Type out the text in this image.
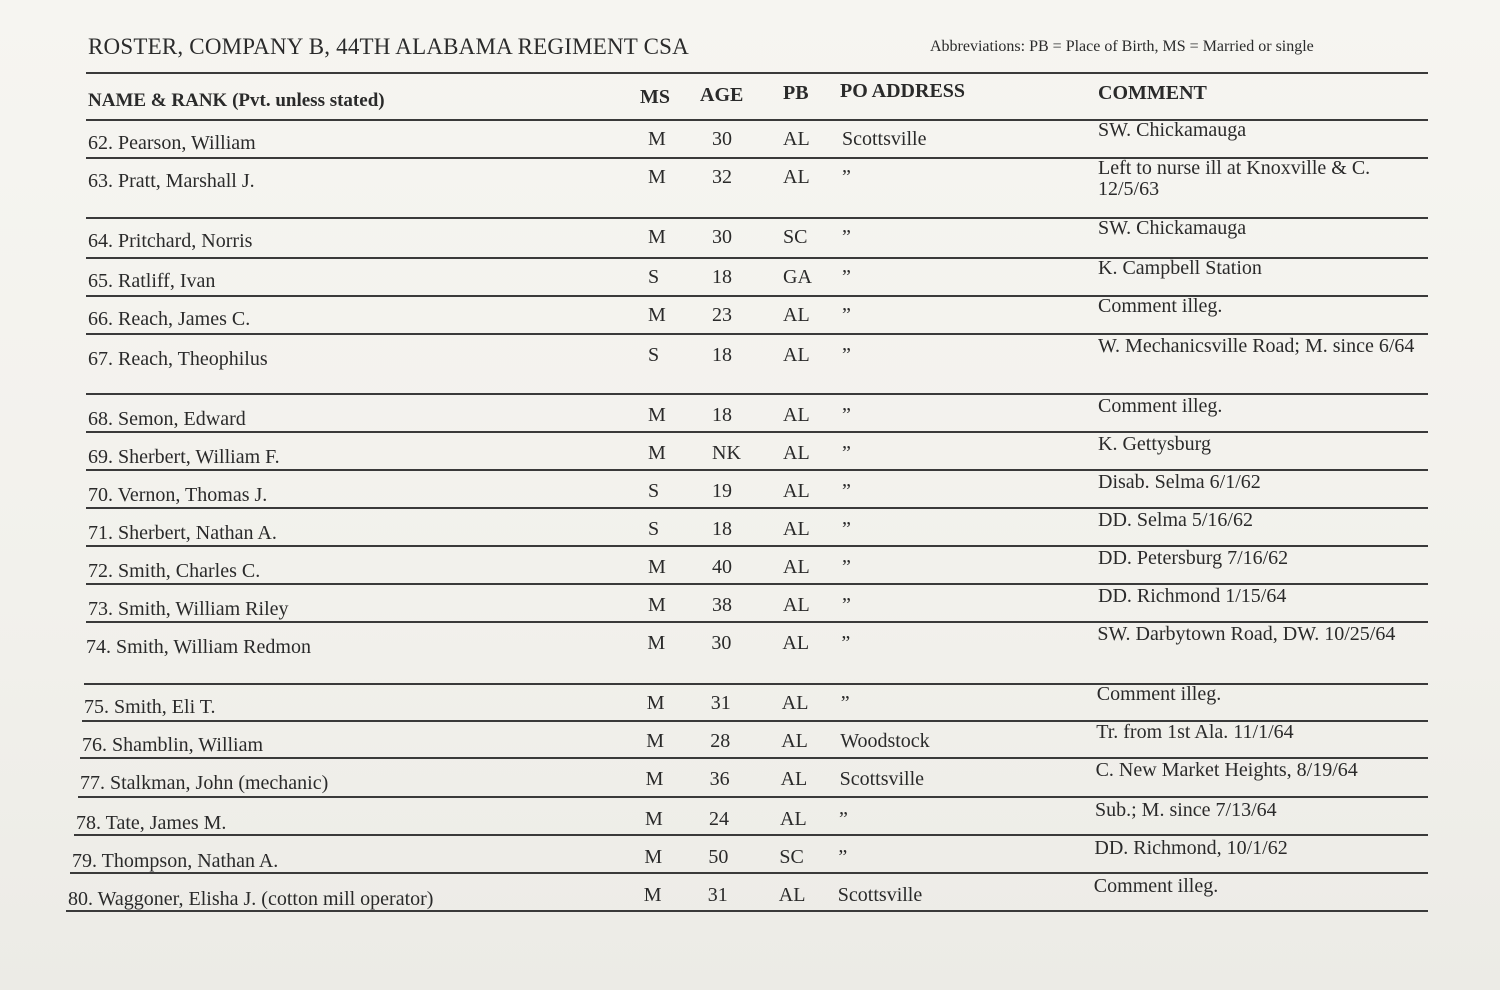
ROSTER, COMPANY B, 44TH ALABAMA REGIMENT CSA	Abbreviations: PB = Place of Birth, MS = Married or single
NAME & RANK (Pvt. unless stated)	MS AGE PB PO ADDRESS	COMMENT
62. Pearson, William	M 30	AL Scottsville	SW. Chickamauga
63. Pratt, Marshall J.	M 32	AL ”	Left to nurse ill at Knoxville & C. 12/5/63
64. Pritchard, Norris	M 30	SC ”	SW. Chickamauga
65. Ratliff, Ivan	S	18	GA ”	K. Campbell Station
66. Reach, James C.	M 23	AL ”	Comment illeg.
67. Reach, Theophilus	S	18	AL ”	W. Mechanicsville Road; M. since 6/64
68. Semon, Edward	M 18	AL ”	Comment illeg.
69. Sherbert, William F.	M NK AL ”	K. Gettysburg
70. Vernon, Thomas J.	S	19	AL ”	Disab. Selma 6/1/62
71. Sherbert, Nathan A.	S	18	AL ”	DD. Selma 5/16/62
72. Smith, Charles C.	M 40	AL ”	DD. Petersburg 7/16/62
73. Smith, William Riley	M 38	AL ”	DD. Richmond 1/15/64
74. Smith, William Redmon	M 30	AL ”	SW. Darbytown Road, DW. 10/25/64
75. Smith, Eli T.	M 31	AL ”	Comment illeg.
76. Shamblin, William	M 28	AL Woodstock	Tr. from 1st Ala. 11/1/64
77. Stalkman, John (mechanic)	M 36	AL Scottsville	C. New Market Heights, 8/19/64
78. Tate, James M.	M 24	AL ”	Sub.; M. since 7/13/64
79. Thompson, Nathan A.	M 50	SC ”	DD. Richmond, 10/1/62
80. Waggoner, Elisha J. (cotton mill operator)	M 31	AL Scottsville	Comment illeg.
